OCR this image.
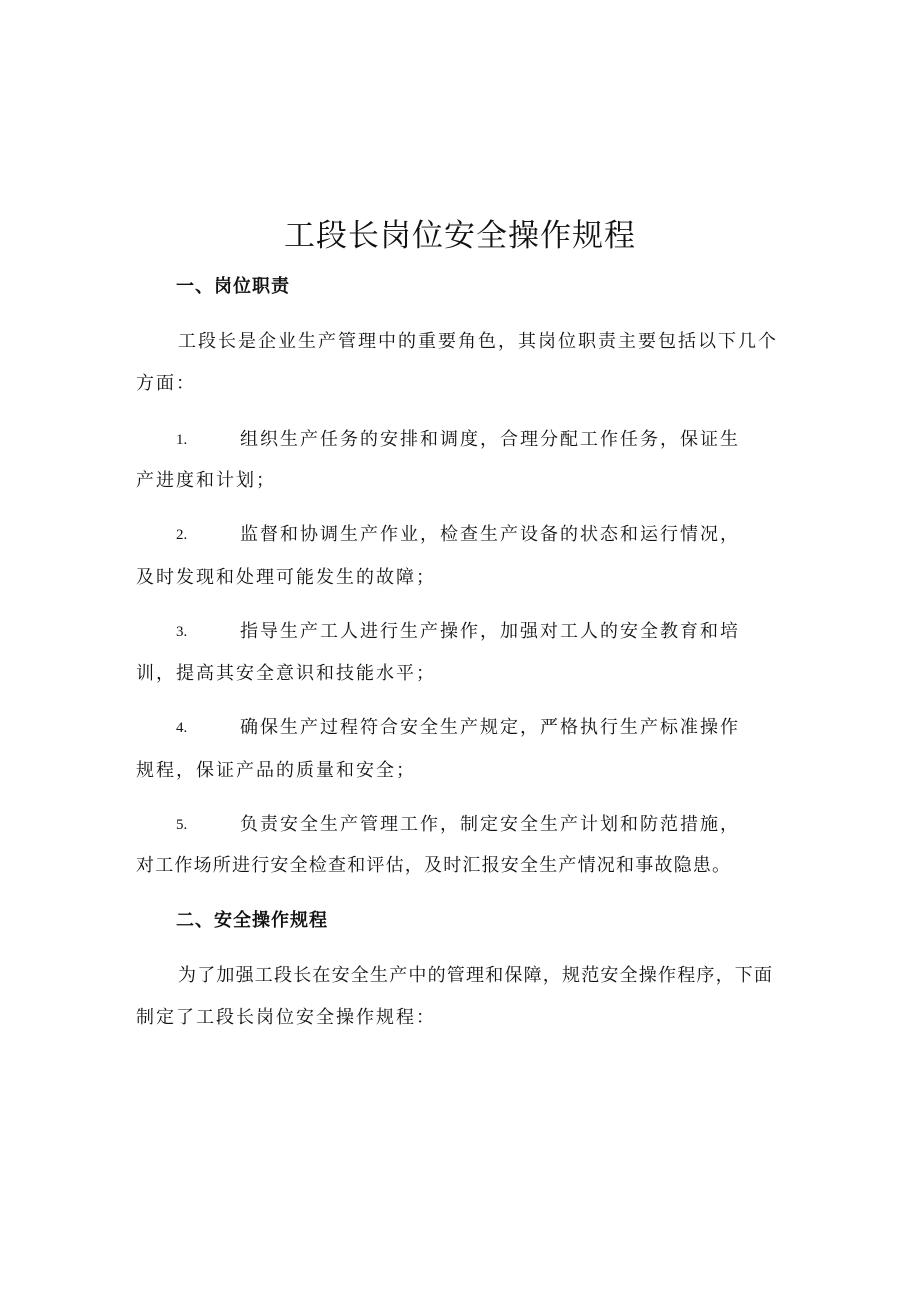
工段长岗位安全操作规程
一、岗位职责
工段长是企业生产管理中的重要角色，其岗位职责主要包括以下几个
方面：
1.	组织生产任务的安排和调度，合理分配工作任务，保证生
产进度和计划；
2.	监督和协调生产作业，检查生产设备的状态和运行情况，
及时发现和处理可能发生的故障；
3.	指导生产工人进行生产操作，加强对工人的安全教育和培
训，提高其安全意识和技能水平；
4.	确保生产过程符合安全生产规定，严格执行生产标准操作
规程，保证产品的质量和安全；
5.	负责安全生产管理工作，制定安全生产计划和防范措施，
对工作场所进行安全检查和评估，及时汇报安全生产情况和事故隐患。
二、安全操作规程
为了加强工段长在安全生产中的管理和保障，规范安全操作程序，下面
制定了工段长岗位安全操作规程：
